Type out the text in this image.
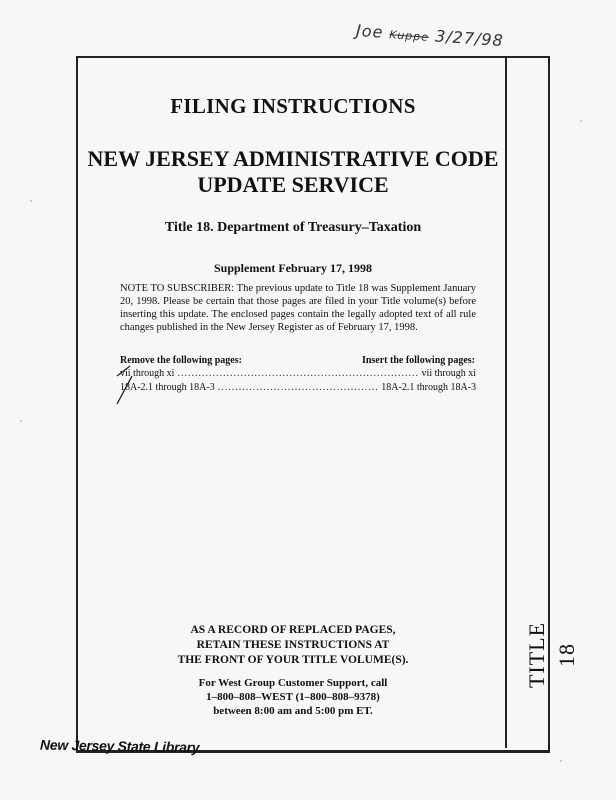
Joe Kuppe 3/27/98
TITLE 18
FILING INSTRUCTIONS
NEW JERSEY ADMINISTRATIVE CODE
UPDATE SERVICE
Title 18. Department of Treasury–Taxation
Supplement February 17, 1998
NOTE TO SUBSCRIBER: The previous update to Title 18 was Supplement January 20, 1998. Please be certain that those pages are filed in your Title volume(s) before inserting this update. The enclosed pages contain the legally adopted text of all rule changes published in the New Jersey Register as of February 17, 1998.
Remove the following pages:	Insert the following pages:
vii through xi .....	vii through xi
18A-2.1 through 18A-3 .....	18A-2.1 through 18A-3
AS A RECORD OF REPLACED PAGES,
RETAIN THESE INSTRUCTIONS AT
THE FRONT OF YOUR TITLE VOLUME(S).
For West Group Customer Support, call
1–800–808–WEST (1–800–808–9378)
between 8:00 am and 5:00 pm ET.
New Jersey State Library
